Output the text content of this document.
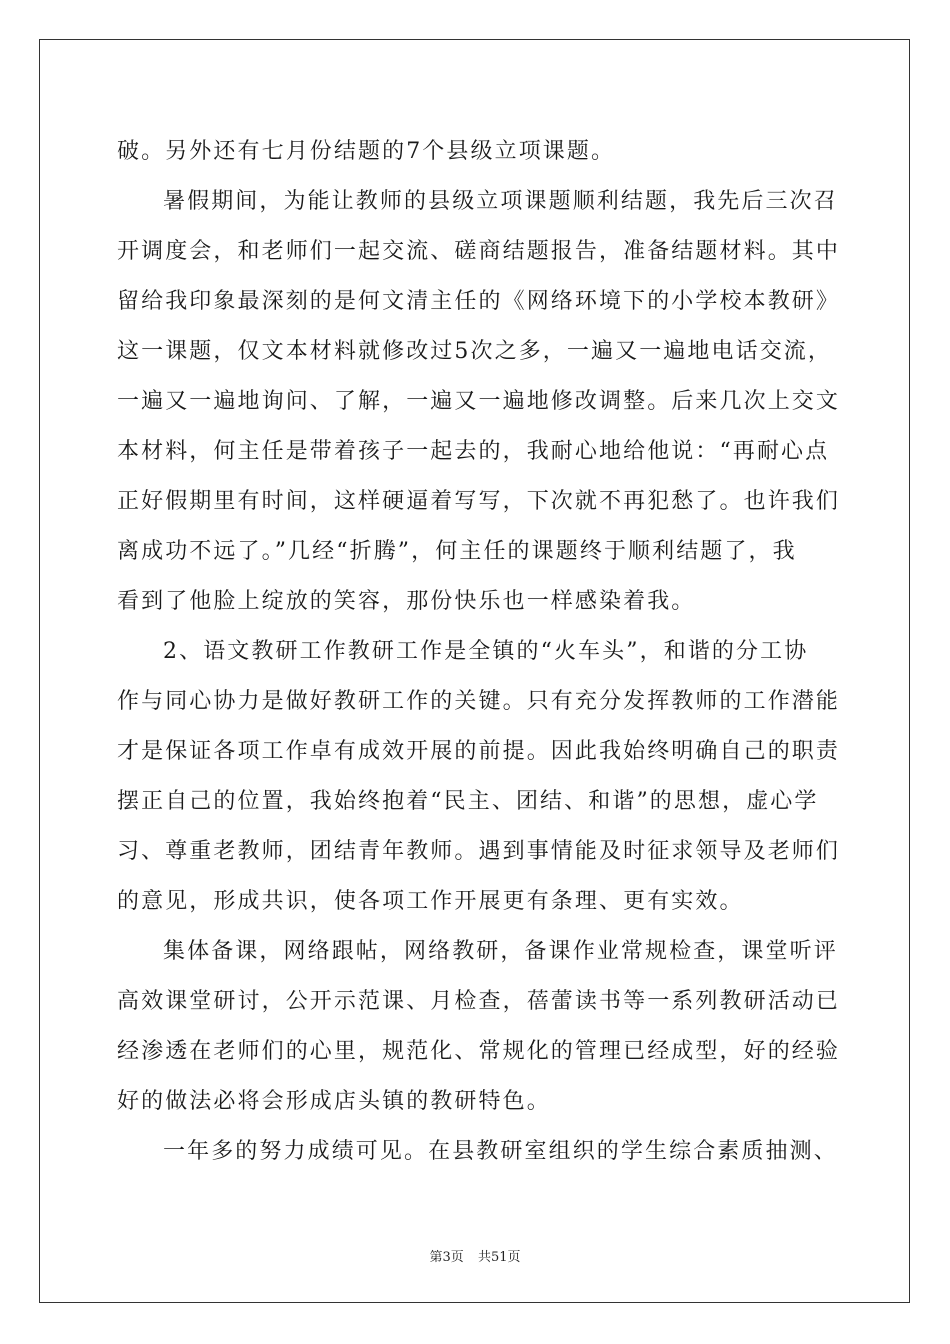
破。另外还有七月份结题的7个县级立项课题。
暑假期间，为能让教师的县级立项课题顺利结题，我先后三次召
开调度会，和老师们一起交流、磋商结题报告，准备结题材料。其中
留给我印象最深刻的是何文清主任的《网络环境下的小学校本教研》
这一课题，仅文本材料就修改过5次之多，一遍又一遍地电话交流，
一遍又一遍地询问、了解，一遍又一遍地修改调整。后来几次上交文
本材料，何主任是带着孩子一起去的，我耐心地给他说：“再耐心点
正好假期里有时间，这样硬逼着写写，下次就不再犯愁了。也许我们
离成功不远了。”几经“折腾”，何主任的课题终于顺利结题了，我
看到了他脸上绽放的笑容，那份快乐也一样感染着我。
2、语文教研工作教研工作是全镇的“火车头”，和谐的分工协
作与同心协力是做好教研工作的关键。只有充分发挥教师的工作潜能
才是保证各项工作卓有成效开展的前提。因此我始终明确自己的职责
摆正自己的位置，我始终抱着“民主、团结、和谐”的思想，虚心学
习、尊重老教师，团结青年教师。遇到事情能及时征求领导及老师们
的意见，形成共识，使各项工作开展更有条理、更有实效。
集体备课，网络跟帖，网络教研，备课作业常规检查，课堂听评
高效课堂研讨，公开示范课、月检查，蓓蕾读书等一系列教研活动已
经渗透在老师们的心里，规范化、常规化的管理已经成型，好的经验
好的做法必将会形成店头镇的教研特色。
一年多的努力成绩可见。在县教研室组织的学生综合素质抽测、
第3页 共51页
